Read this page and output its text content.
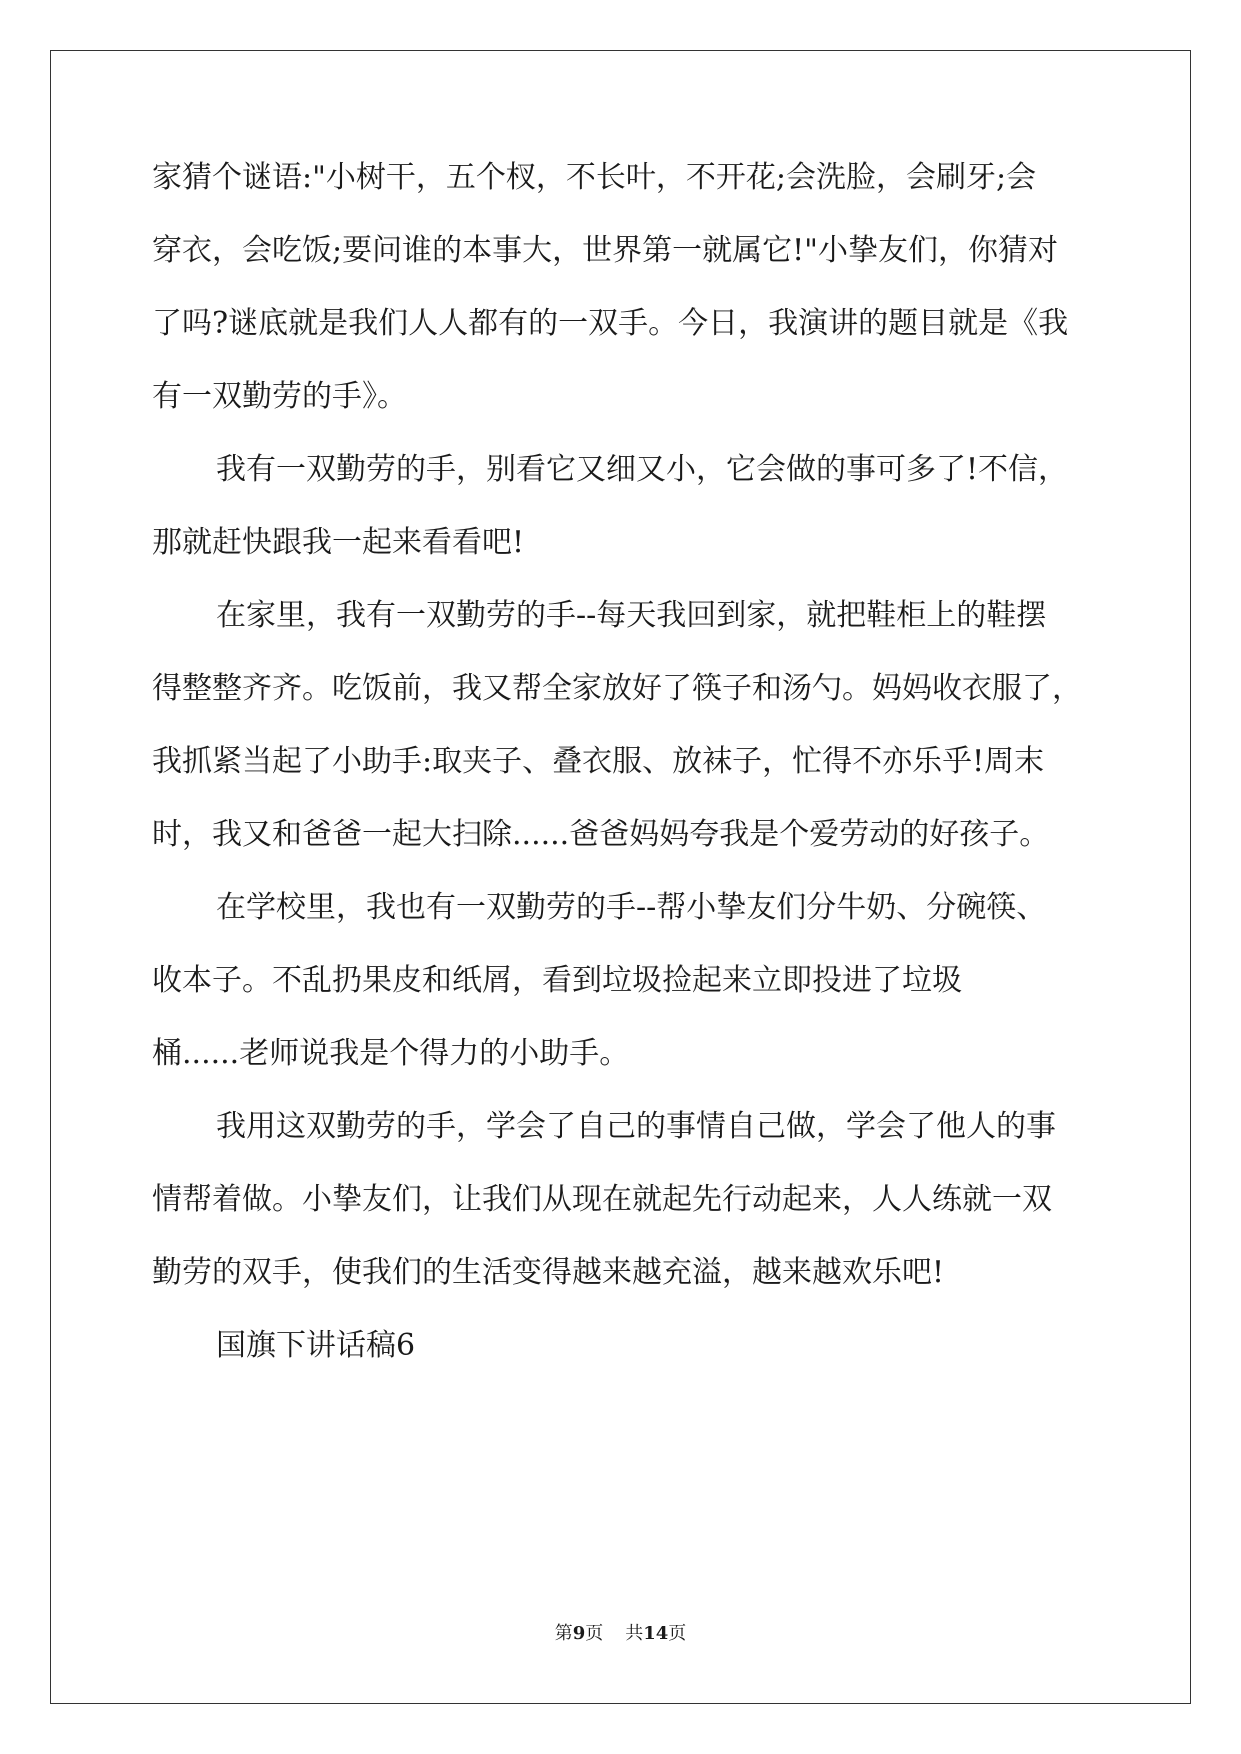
家猜个谜语:"小树干，五个杈，不长叶，不开花;会洗脸，会刷牙;会
穿衣，会吃饭;要问谁的本事大，世界第一就属它!"小挚友们，你猜对
了吗?谜底就是我们人人都有的一双手。今日，我演讲的题目就是《我
有一双勤劳的手》。
我有一双勤劳的手，别看它又细又小，它会做的事可多了!不信，
那就赶快跟我一起来看看吧!
在家里，我有一双勤劳的手--每天我回到家，就把鞋柜上的鞋摆
得整整齐齐。吃饭前，我又帮全家放好了筷子和汤勺。妈妈收衣服了，
我抓紧当起了小助手:取夹子、叠衣服、放袜子，忙得不亦乐乎!周末
时，我又和爸爸一起大扫除......爸爸妈妈夸我是个爱劳动的好孩子。
在学校里，我也有一双勤劳的手--帮小挚友们分牛奶、分碗筷、
收本子。不乱扔果皮和纸屑，看到垃圾捡起来立即投进了垃圾
桶......老师说我是个得力的小助手。
我用这双勤劳的手，学会了自己的事情自己做，学会了他人的事
情帮着做。小挚友们，让我们从现在就起先行动起来，人人练就一双
勤劳的双手，使我们的生活变得越来越充溢，越来越欢乐吧!
国旗下讲话稿6
第9页 共14页
